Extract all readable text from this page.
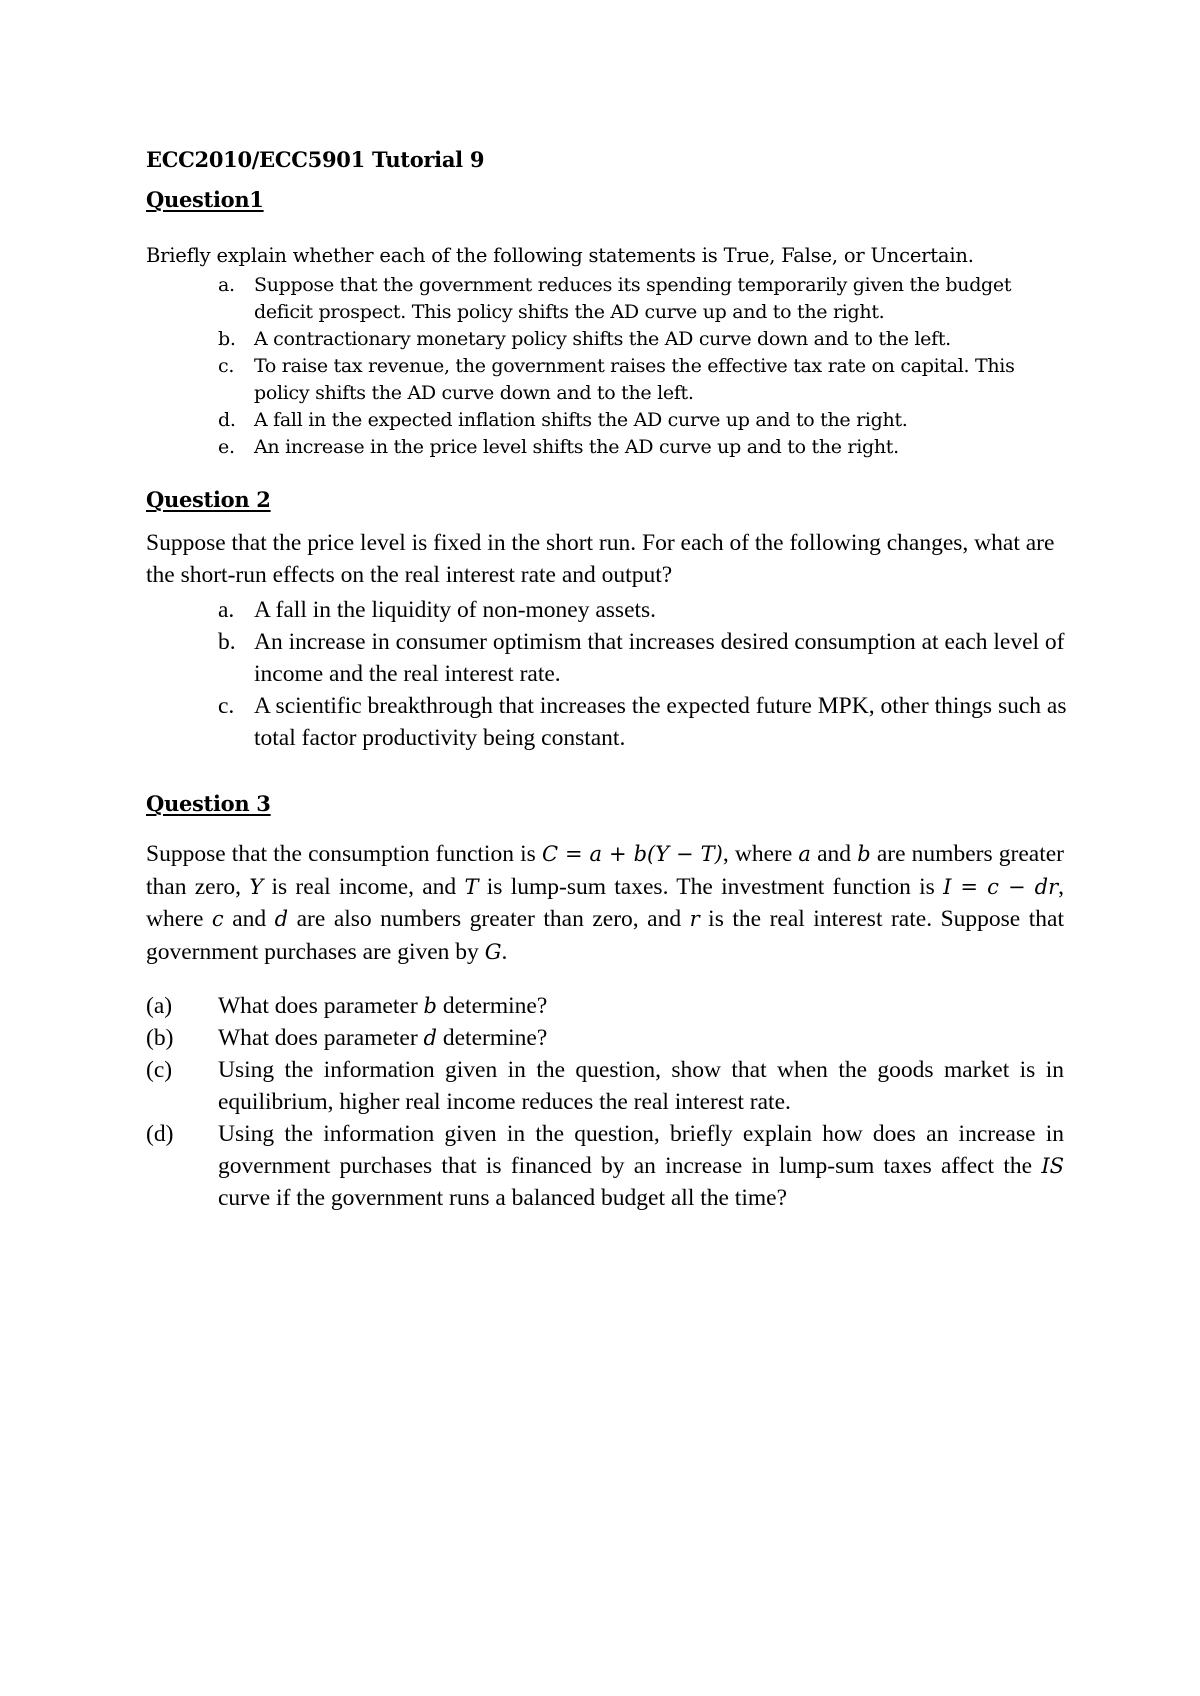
ECC2010/ECC5901 Tutorial 9
Question1
Briefly explain whether each of the following statements is True, False, or Uncertain.
a. Suppose that the government reduces its spending temporarily given the budget deficit prospect. This policy shifts the AD curve up and to the right.
b. A contractionary monetary policy shifts the AD curve down and to the left.
c. To raise tax revenue, the government raises the effective tax rate on capital. This policy shifts the AD curve down and to the left.
d. A fall in the expected inflation shifts the AD curve up and to the right.
e. An increase in the price level shifts the AD curve up and to the right.
Question 2
Suppose that the price level is fixed in the short run. For each of the following changes, what are the short-run effects on the real interest rate and output?
a. A fall in the liquidity of non-money assets.
b. An increase in consumer optimism that increases desired consumption at each level of income and the real interest rate.
c. A scientific breakthrough that increases the expected future MPK, other things such as total factor productivity being constant.
Question 3
Suppose that the consumption function is C = a + b(Y − T), where a and b are numbers greater than zero, Y is real income, and T is lump-sum taxes. The investment function is I = c − dr, where c and d are also numbers greater than zero, and r is the real interest rate. Suppose that government purchases are given by G.
(a) What does parameter b determine?
(b) What does parameter d determine?
(c) Using the information given in the question, show that when the goods market is in equilibrium, higher real income reduces the real interest rate.
(d) Using the information given in the question, briefly explain how does an increase in government purchases that is financed by an increase in lump-sum taxes affect the IS curve if the government runs a balanced budget all the time?
